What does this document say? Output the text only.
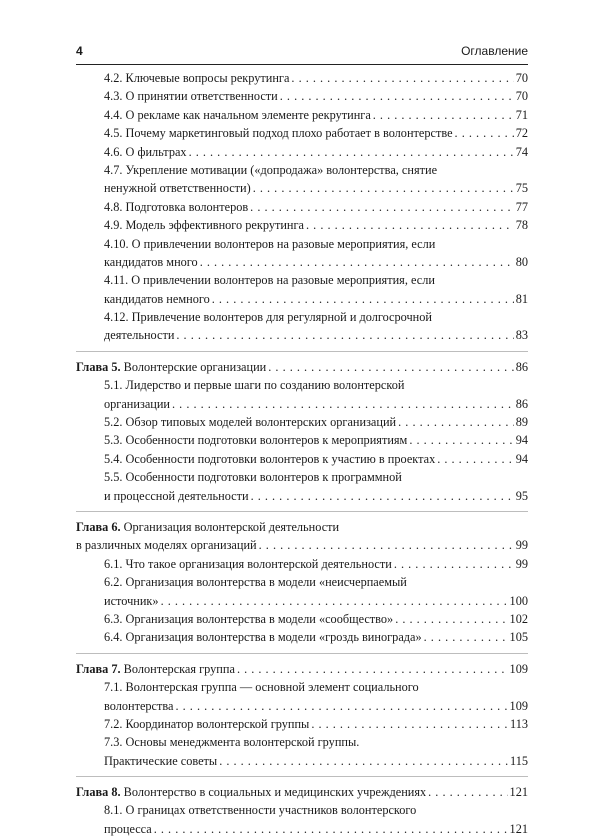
4	Оглавление
4.2. Ключевые вопросы рекрутинга . . .	70
4.3. О принятии ответственности . . .	70
4.4. О рекламе как начальном элементе рекрутинга . . .	71
4.5. Почему маркетинговый подход плохо работает в волонтерстве . . .	72
4.6. О фильтрах . . .	74
4.7. Укрепление мотивации («допродажа» волонтерства, снятие
ненужной ответственности) . . .	75
4.8. Подготовка волонтеров . . .	77
4.9. Модель эффективного рекрутинга . . .	78
4.10. О привлечении волонтеров на разовые мероприятия, если
кандидатов много . . .	80
4.11. О привлечении волонтеров на разовые мероприятия, если
кандидатов немного . . .	81
4.12. Привлечение волонтеров для регулярной и долгосрочной
деятельности . . .	83
Глава 5. Волонтерские организации . . .	86
5.1. Лидерство и первые шаги по созданию волонтерской
организации . . .	86
5.2. Обзор типовых моделей волонтерских организаций . . .	89
5.3. Особенности подготовки волонтеров к мероприятиям . . .	94
5.4. Особенности подготовки волонтеров к участию в проектах . . .	94
5.5. Особенности подготовки волонтеров к программной
и процессной деятельности . . .	95
Глава 6. Организация волонтерской деятельности
в различных моделях организаций . . .	99
6.1. Что такое организация волонтерской деятельности . . .	99
6.2. Организация волонтерства в модели «неисчерпаемый
источник» . . .	100
6.3. Организация волонтерства в модели «сообщество» . . .	102
6.4. Организация волонтерства в модели «гроздь винограда» . . .	105
Глава 7. Волонтерская группа . . .	109
7.1. Волонтерская группа — основной элемент социального
волонтерства . . .	109
7.2. Координатор волонтерской группы . . .	113
7.3. Основы менеджмента волонтерской группы.
Практические советы . . .	115
Глава 8. Волонтерство в социальных и медицинских учреждениях . . .	121
8.1. О границах ответственности участников волонтерского
процесса . . .	121
